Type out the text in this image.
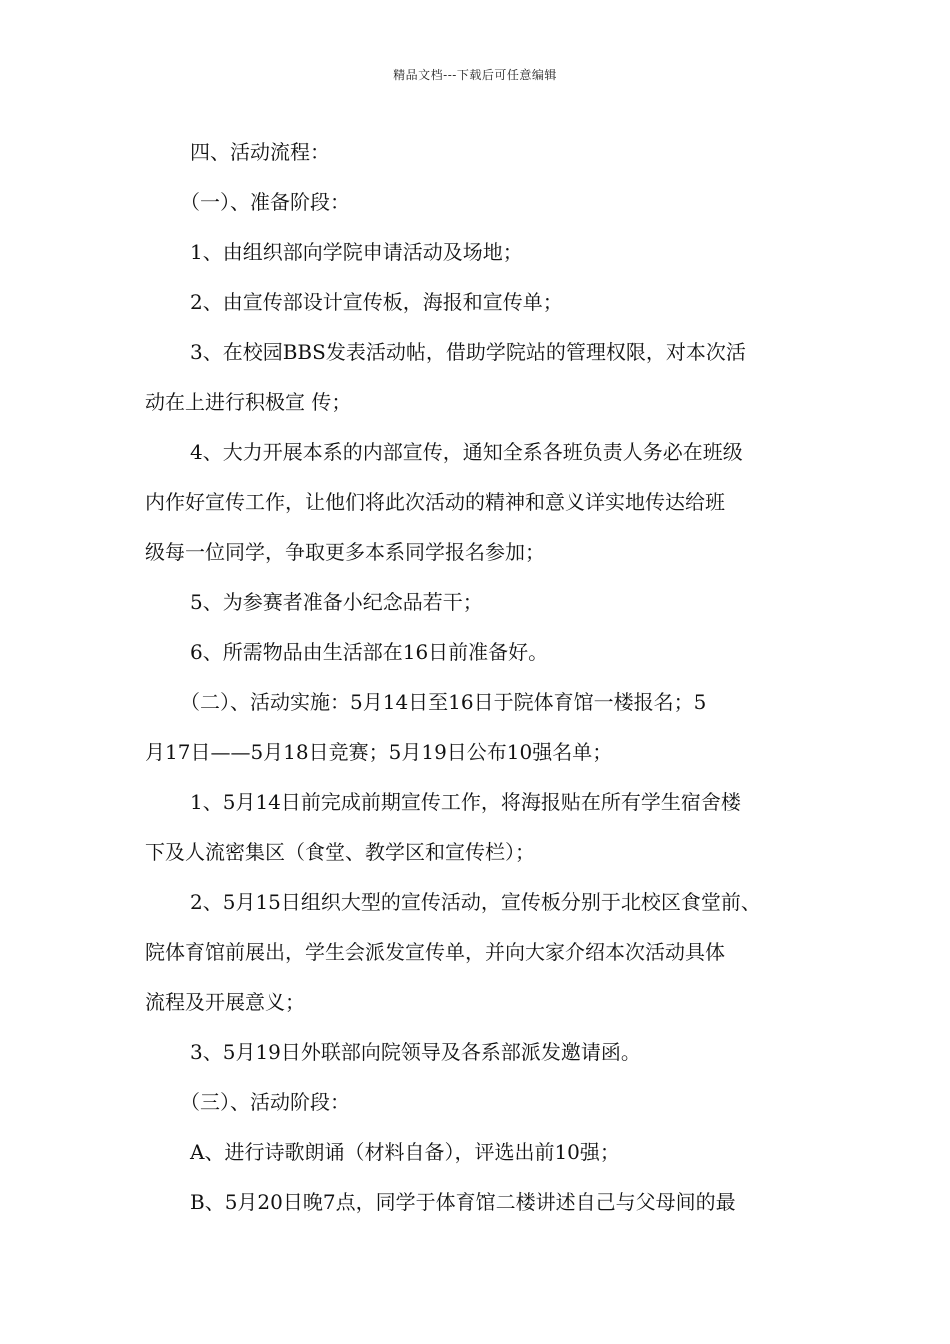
精品文档---下载后可任意编辑
四、活动流程：
（一）、准备阶段：
1、由组织部向学院申请活动及场地；
2、由宣传部设计宣传板，海报和宣传单；
3、在校园BBS发表活动帖，借助学院站的管理权限，对本次活
动在上进行积极宣 传；
4、大力开展本系的内部宣传，通知全系各班负责人务必在班级
内作好宣传工作，让他们将此次活动的精神和意义详实地传达给班
级每一位同学，争取更多本系同学报名参加；
5、为参赛者准备小纪念品若干；
6、所需物品由生活部在16日前准备好。
（二）、活动实施：5月14日至16日于院体育馆一楼报名；5
月17日——5月18日竞赛；5月19日公布10强名单；
1、5月14日前完成前期宣传工作，将海报贴在所有学生宿舍楼
下及人流密集区（食堂、教学区和宣传栏）；
2、5月15日组织大型的宣传活动，宣传板分别于北校区食堂前、
院体育馆前展出，学生会派发宣传单，并向大家介绍本次活动具体
流程及开展意义；
3、5月19日外联部向院领导及各系部派发邀请函。
（三）、活动阶段：
A、进行诗歌朗诵（材料自备），评选出前10强；
B、5月20日晚7点，同学于体育馆二楼讲述自己与父母间的最
